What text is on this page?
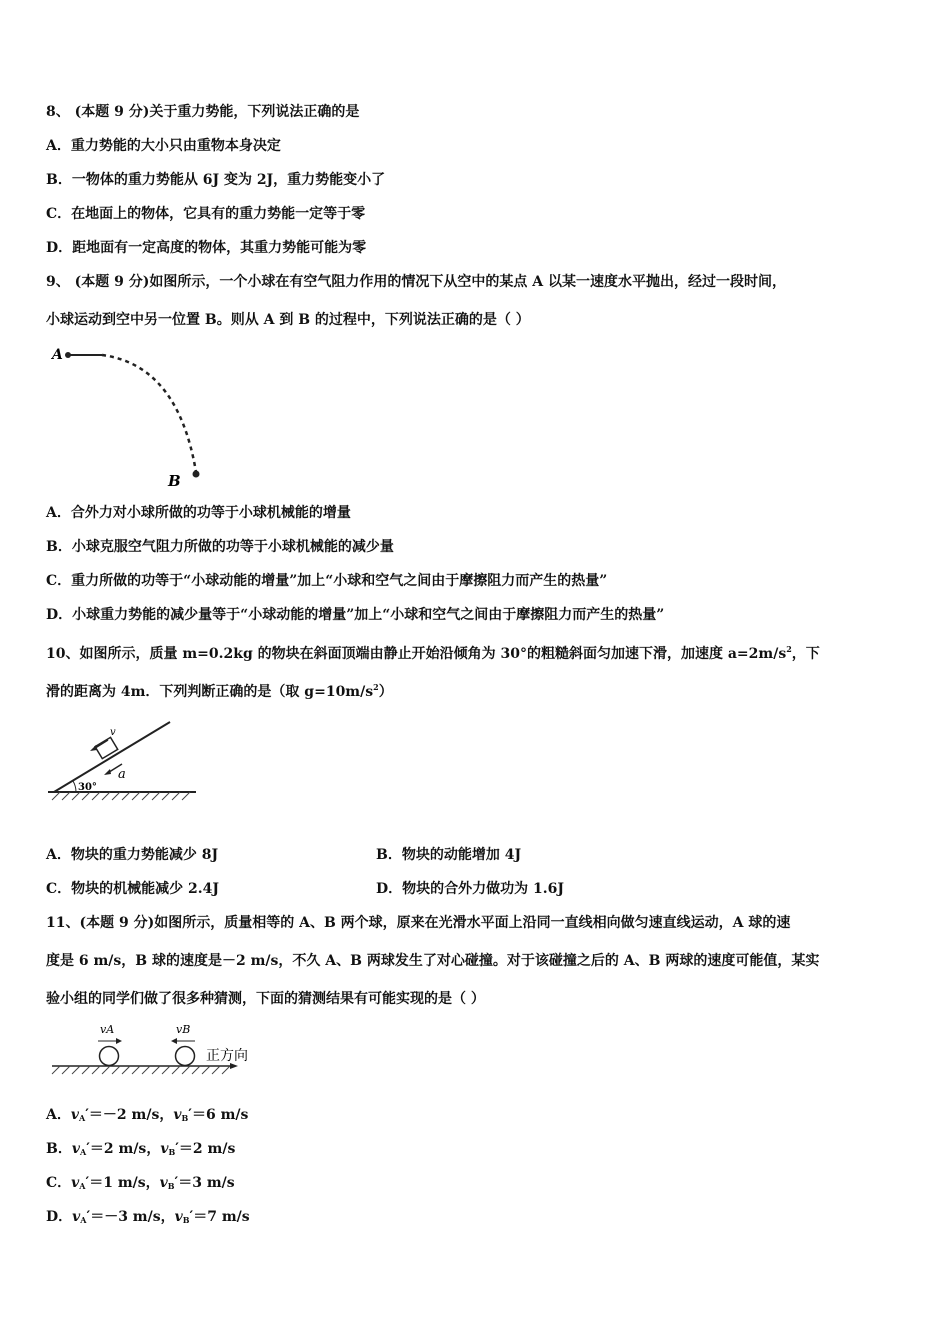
8、 (本题 9 分)关于重力势能，下列说法正确的是
A．重力势能的大小只由重物本身决定
B．一物体的重力势能从 6J 变为 2J，重力势能变小了
C．在地面上的物体，它具有的重力势能一定等于零
D．距地面有一定高度的物体，其重力势能可能为零
9、 (本题 9 分)如图所示，一个小球在有空气阻力作用的情况下从空中的某点 A 以某一速度水平抛出，经过一段时间，
小球运动到空中另一位置 B。则从 A 到 B 的过程中，下列说法正确的是（ ）
A
B
A．合外力对小球所做的功等于小球机械能的增量
B．小球克服空气阻力所做的功等于小球机械能的减少量
C．重力所做的功等于“小球动能的增量”加上“小球和空气之间由于摩擦阻力而产生的热量”
D．小球重力势能的减少量等于“小球动能的增量”加上“小球和空气之间由于摩擦阻力而产生的热量”
10、如图所示，质量 m=0.2kg 的物块在斜面顶端由静止开始沿倾角为 30°的粗糙斜面匀加速下滑，加速度 $a=2m/s^2$，下
滑的距离为 4m．下列判断正确的是（取 $g=10m/s^2$）
30°
v
a
A．物块的重力势能减少 8J	B．物块的动能增加 4J
C．物块的机械能减少 2.4J	D．物块的合外力做功为 1.6J
11、(本题 9 分)如图所示，质量相等的 A、B 两个球，原来在光滑水平面上沿同一直线相向做匀速直线运动，A 球的速
度是 6 m/s，B 球的速度是－2 m/s，不久 A、B 两球发生了对心碰撞。对于该碰撞之后的 A、B 两球的速度可能值，某实
验小组的同学们做了很多种猜测，下面的猜测结果有可能实现的是（ ）
vA	vB
正方向
A．$v_A'=-2$ m/s，$v_B'=6$ m/s
B．$v_A'=2$ m/s，$v_B'=2$ m/s
C．$v_A'=1$ m/s，$v_B'=3$ m/s
D．$v_A'=-3$ m/s，$v_B'=7$ m/s
